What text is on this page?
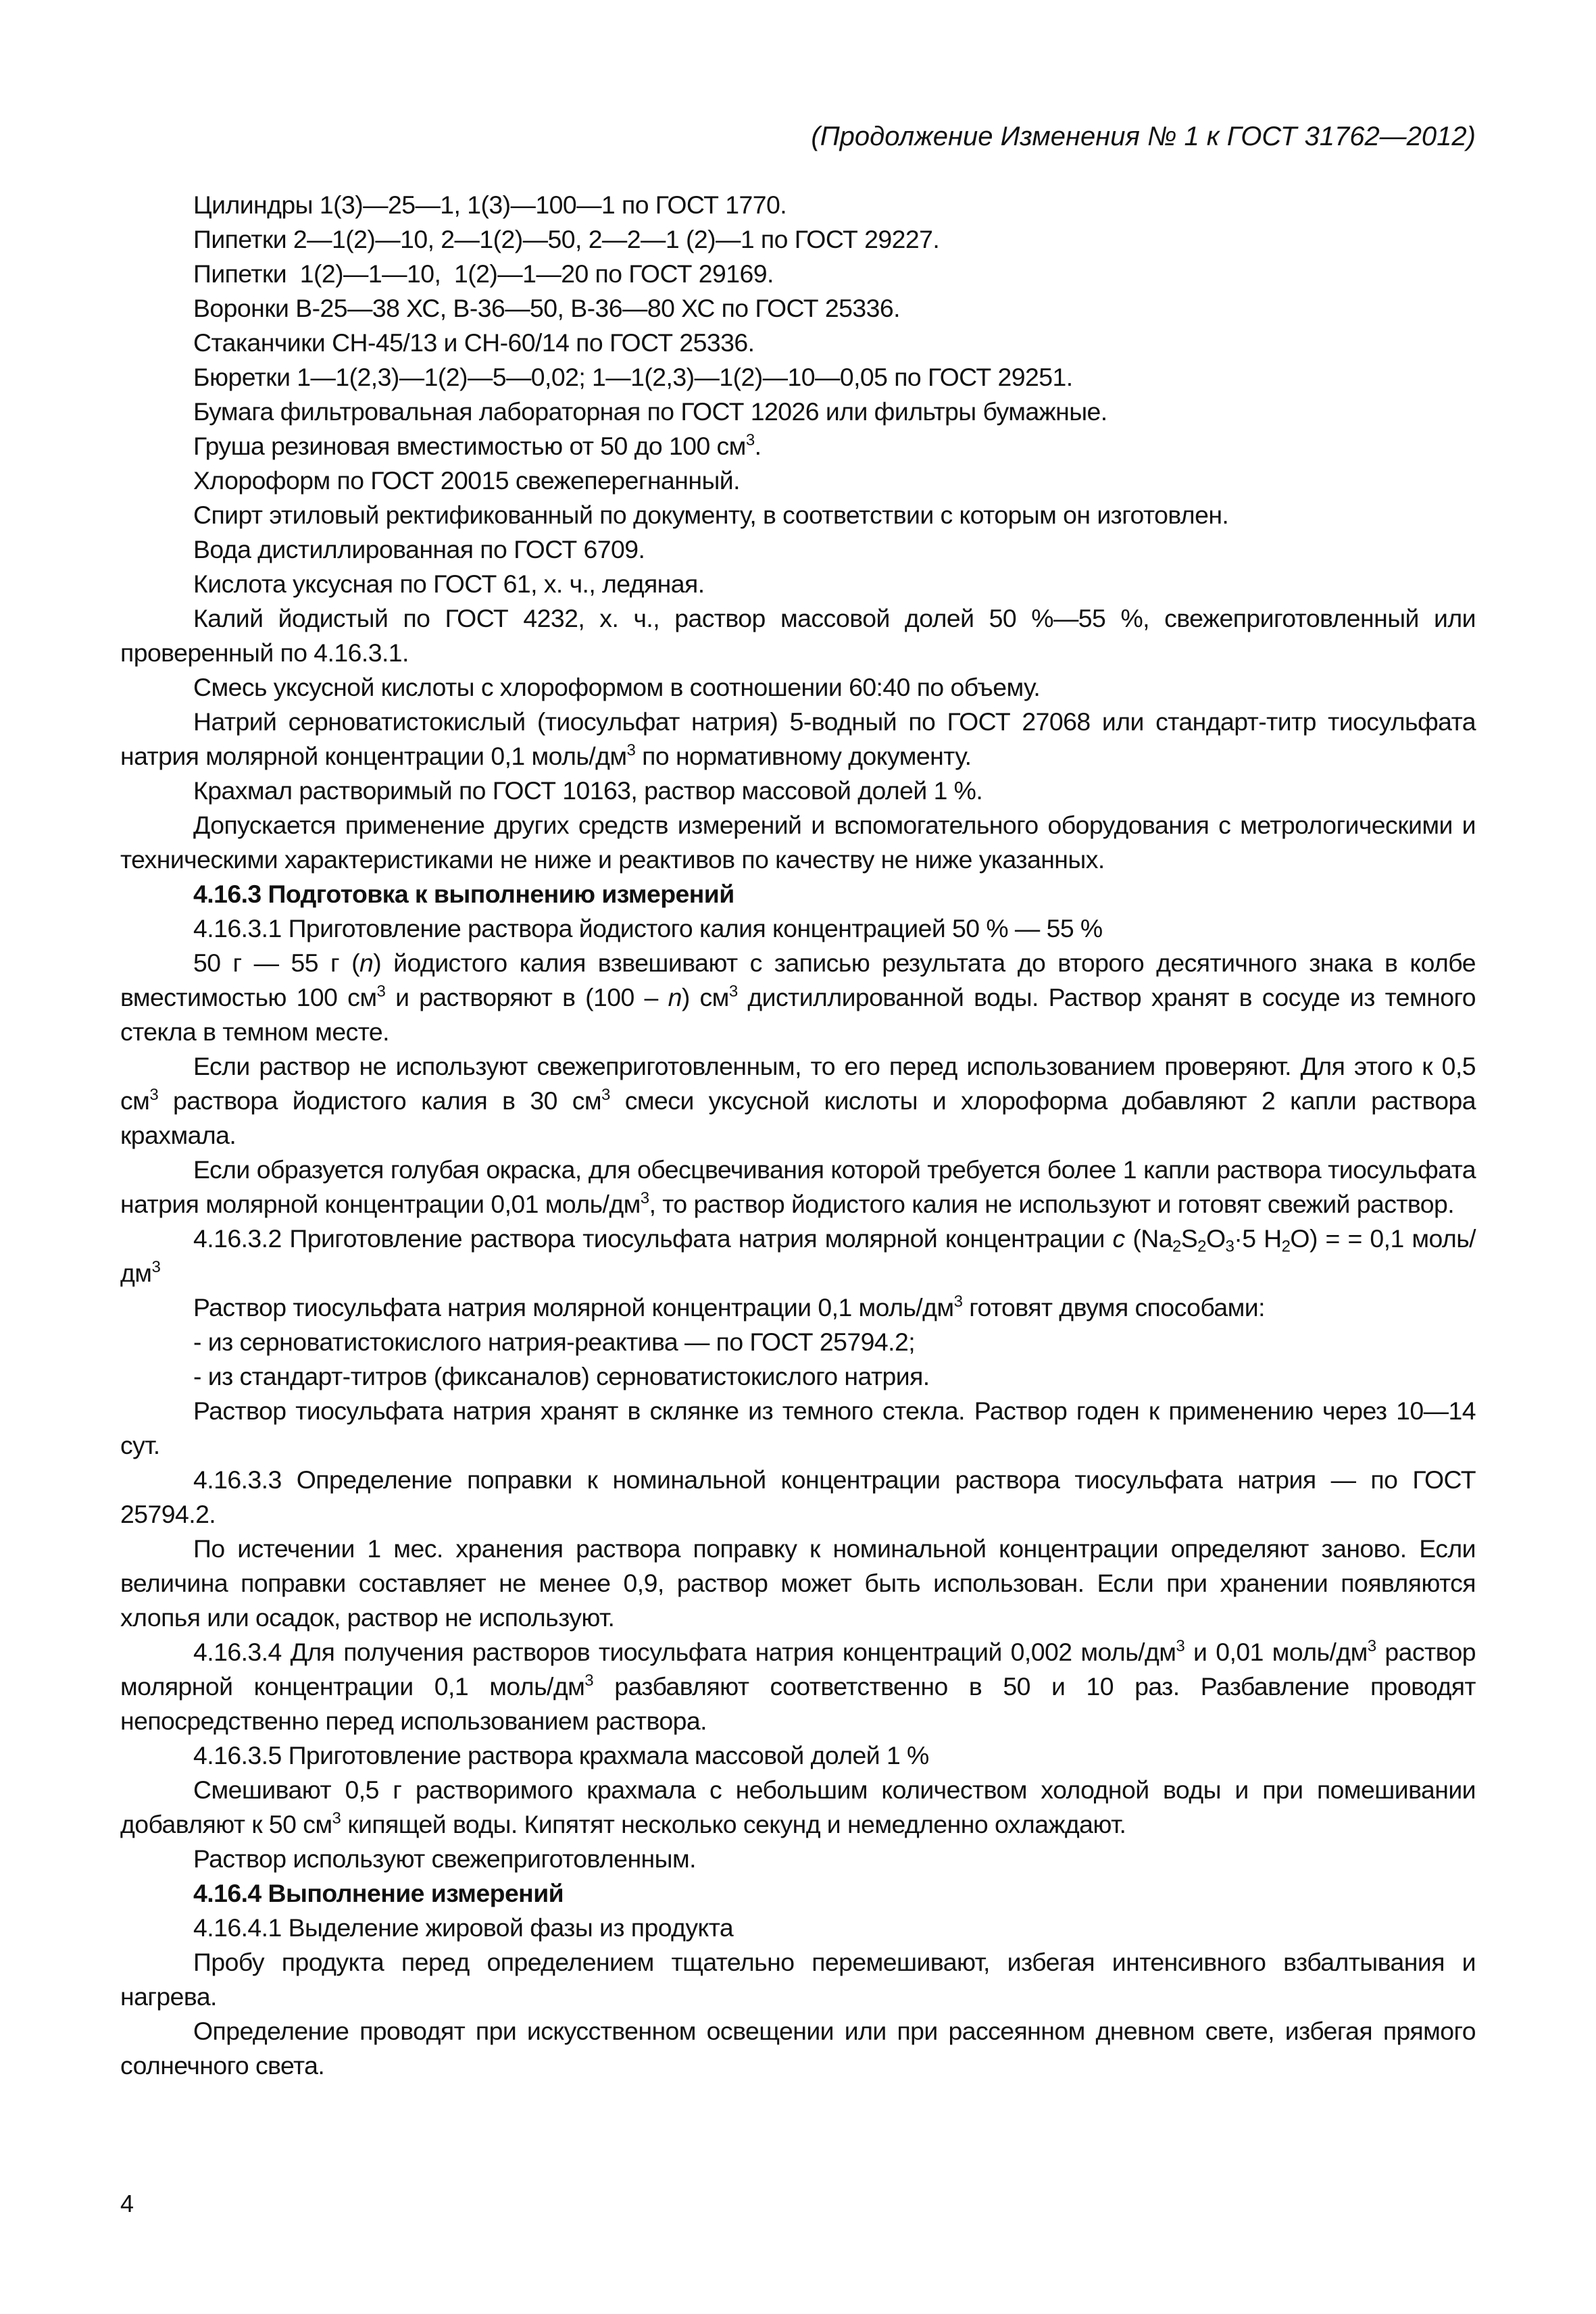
(Продолжение Изменения № 1 к ГОСТ 31762—2012)

Цилиндры 1(3)—25—1, 1(3)—100—1 по ГОСТ 1770.

Пипетки 2—1(2)—10, 2—1(2)—50, 2—2—1 (2)—1 по ГОСТ 29227.

Пипетки  1(2)—1—10,  1(2)—1—20 по ГОСТ 29169.

Воронки В-25—38 ХС, В-36—50, В-36—80 ХС по ГОСТ 25336.

Стаканчики СН-45/13 и СН-60/14 по ГОСТ 25336.

Бюретки 1—1(2,3)—1(2)—5—0,02; 1—1(2,3)—1(2)—10—0,05 по ГОСТ 29251.

Бумага фильтровальная лабораторная по ГОСТ 12026 или фильтры бумажные.

Груша резиновая вместимостью от 50 до 100 $см^3$.

Хлороформ по ГОСТ 20015 свежеперегнанный.

Спирт этиловый ректификованный по документу, в соответствии с которым он изготовлен.

Вода дистиллированная по ГОСТ 6709.

Кислота уксусная по ГОСТ 61, х. ч., ледяная.

Калий йодистый по ГОСТ 4232, х. ч., раствор массовой долей 50 %—55 %, свежеприготовленный или проверенный по 4.16.3.1.

Смесь уксусной кислоты с хлороформом в соотношении 60:40 по объему.

Натрий серноватистокислый (тиосульфат натрия) 5-водный по ГОСТ 27068 или стандарт-титр тиосульфата натрия молярной концентрации 0,1 моль/$дм^3$ по нормативному документу.

Крахмал растворимый по ГОСТ 10163, раствор массовой долей 1 %.

Допускается применение других средств измерений и вспомогательного оборудования с метрологическими и техническими характеристиками не ниже и реактивов по качеству не ниже указанных.

4.16.3 Подготовка к выполнению измерений

4.16.3.1 Приготовление раствора йодистого калия концентрацией 50 % — 55 %

50 г — 55 г (n) йодистого калия взвешивают с записью результата до второго десятичного знака в колбе вместимостью 100 $см^3$ и растворяют в (100 – n) $см^3$ дистиллированной воды. Раствор хранят в сосуде из темного стекла в темном месте.

Если раствор не используют свежеприготовленным, то его перед использованием проверяют. Для этого к 0,5 $см^3$ раствора йодистого калия в 30 $см^3$ смеси уксусной кислоты и хлороформа добавляют 2 капли раствора крахмала.

Если образуется голубая окраска, для обесцвечивания которой требуется более 1 капли раствора тиосульфата натрия молярной концентрации 0,01 моль/$дм^3$, то раствор йодистого калия не используют и готовят свежий раствор.

4.16.3.2 Приготовление раствора тиосульфата натрия молярной концентрации c ($Na_2S_2O_3\cdot 5$ $H_2O$) = = 0,1 моль/$дм^3$

Раствор тиосульфата натрия молярной концентрации 0,1 моль/$дм^3$ готовят двумя способами:

- из серноватистокислого натрия-реактива — по ГОСТ 25794.2;

- из стандарт-титров (фиксаналов) серноватистокислого натрия.

Раствор тиосульфата натрия хранят в склянке из темного стекла. Раствор годен к применению через 10—14 сут.

4.16.3.3 Определение поправки к номинальной концентрации раствора тиосульфата натрия — по ГОСТ 25794.2.

По истечении 1 мес. хранения раствора поправку к номинальной концентрации определяют заново. Если величина поправки составляет не менее 0,9, раствор может быть использован. Если при хранении появляются хлопья или осадок, раствор не используют.

4.16.3.4 Для получения растворов тиосульфата натрия концентраций 0,002 моль/$дм^3$ и 0,01 моль/$дм^3$ раствор молярной концентрации 0,1 моль/$дм^3$ разбавляют соответственно в 50 и 10 раз. Разбавление проводят непосредственно перед использованием раствора.

4.16.3.5 Приготовление раствора крахмала массовой долей 1 %

Смешивают 0,5 г растворимого крахмала с небольшим количеством холодной воды и при помешивании добавляют к 50 $см^3$ кипящей воды. Кипятят несколько секунд и немедленно охлаждают.

Раствор используют свежеприготовленным.

4.16.4 Выполнение измерений

4.16.4.1 Выделение жировой фазы из продукта

Пробу продукта перед определением тщательно перемешивают, избегая интенсивного взбалтывания и нагрева.

Определение проводят при искусственном освещении или при рассеянном дневном свете, избегая прямого солнечного света.

4
